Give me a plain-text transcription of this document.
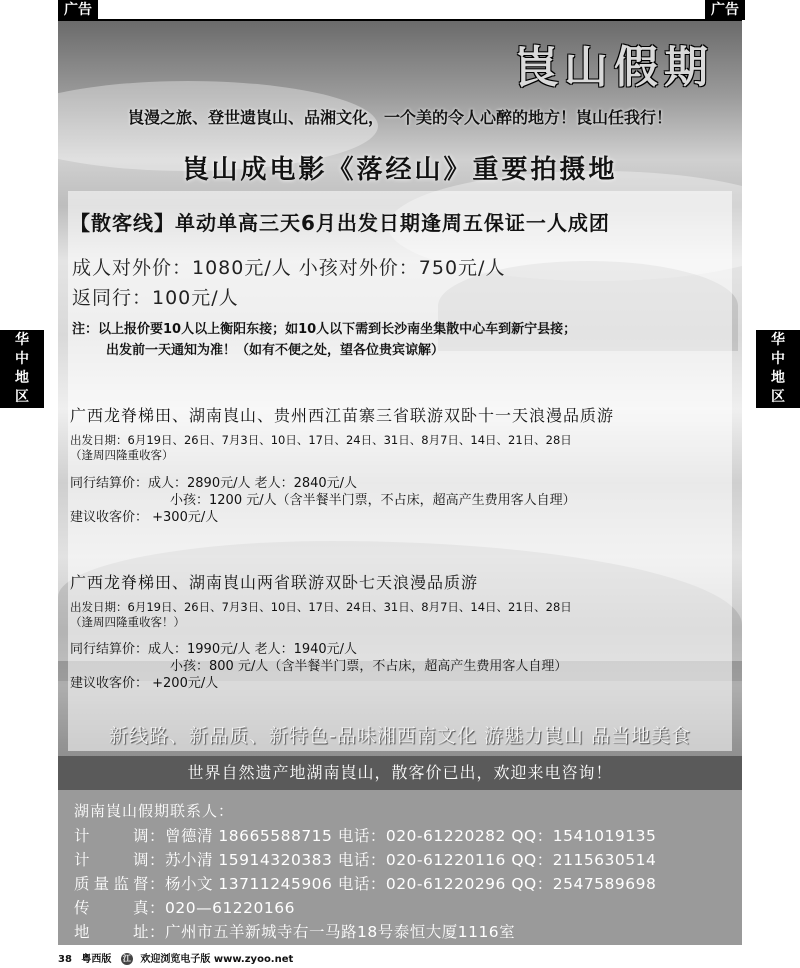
广告	广告
华
中
地
区
华
中
地
区
崀山假期
崀漫之旅、登世遗崀山、品湘文化，一个美的令人心醉的地方！崀山任我行！
崀山成电影《落经山》重要拍摄地
【散客线】单动单高三天6月出发日期逢周五保证一人成团
成人对外价：1080元/人 小孩对外价：750元/人
返同行：100元/人
注：以上报价要10人以上衡阳东接；如10人以下需到长沙南坐集散中心车到新宁县接；
出发前一天通知为准！（如有不便之处，望各位贵宾谅解）
广西龙脊梯田、湖南崀山、贵州西江苗寨三省联游双卧十一天浪漫品质游
出发日期：6月19日、26日、7月3日、10日、17日、24日、31日、8月7日、14日、21日、28日
（逢周四隆重收客）
同行结算价：成人：2890元/人 老人：2840元/人
小孩：1200 元/人（含半餐半门票，不占床，超高产生费用客人自理）
建议收客价： +300元/人
广西龙脊梯田、湖南崀山两省联游双卧七天浪漫品质游
出发日期：6月19日、26日、7月3日、10日、17日、24日、31日、8月7日、14日、21日、28日
（逢周四隆重收客！）
同行结算价：成人：1990元/人 老人：1940元/人
小孩：800 元/人（含半餐半门票，不占床，超高产生费用客人自理）
建议收客价： +200元/人
新线路、新品质、新特色-品味湘西南文化 游魅力崀山 品当地美食
世界自然遗产地湖南崀山，散客价已出，欢迎来电咨询！
湖南崀山假期联系人：
计调：曾德清 18665588715 电话：020-61220282 QQ：1541019135
计调：苏小清 15914320383 电话：020-61220116 QQ：2115630514
质量监督：杨小文 13711245906 电话：020-61220296 QQ：2547589698
传真：020—61220166
地址：广州市五羊新城寺右一马路18号泰恒大厦1116室
38 粤西版 江 欢迎浏览电子版 www.zyoo.net
